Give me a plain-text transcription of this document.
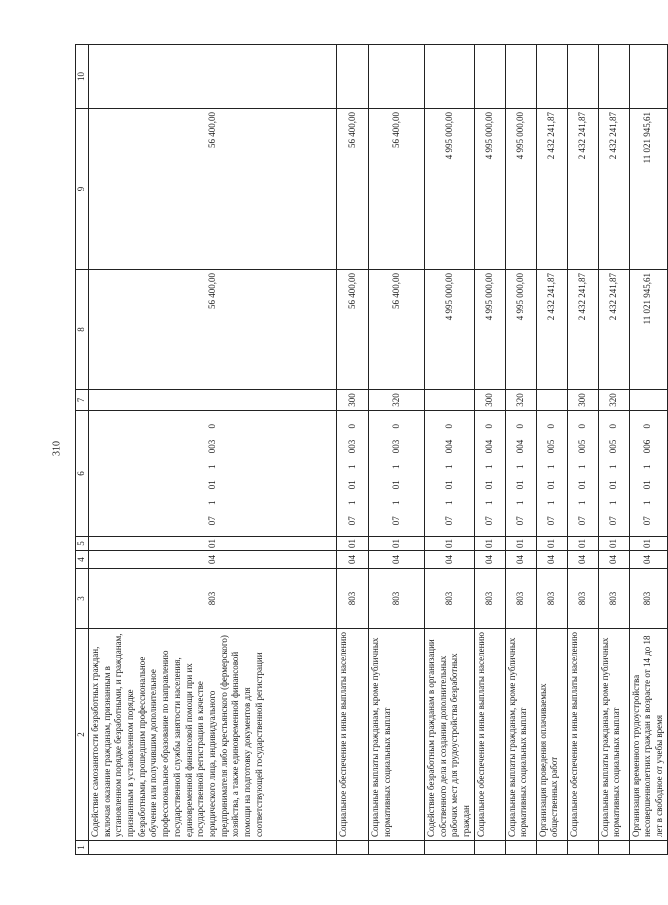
310
1	2	3	4	5	6	7	8	9	10
	Содействие самозанятости безработных граждан, включая оказание гражданам, признанным в установленном порядке безработными, и гражданам, признанным в установленном порядке безработными, прошедшим профессиональное обучение или получившим дополнительное профессиональное образование по направлению государственной службы занятости населения, единовременной финансовой помощи при их государственной регистрации в качестве юридического лица, индивидуального предпринимателя либо крестьянского (фермерского) хозяйства, а также единовременной финансовой помощи на подготовку документов для соответствующей государственной регистрации	803	04	01	07 1 01 1 003 0		56 400,00	56 400,00	
	Социальное обеспечение и иные выплаты населению	803	04	01	07 1 01 1 003 0	300	56 400,00	56 400,00	
	Социальные выплаты гражданам, кроме публичных нормативных социальных выплат	803	04	01	07 1 01 1 003 0	320	56 400,00	56 400,00	
	Содействие безработным гражданам в организации собственного дела и создании дополнительных рабочих мест для трудоустройства безработных граждан	803	04	01	07 1 01 1 004 0		4 995 000,00	4 995 000,00	
	Социальное обеспечение и иные выплаты населению	803	04	01	07 1 01 1 004 0	300	4 995 000,00	4 995 000,00	
	Социальные выплаты гражданам, кроме публичных нормативных социальных выплат	803	04	01	07 1 01 1 004 0	320	4 995 000,00	4 995 000,00	
	Организация проведения оплачиваемых общественных работ	803	04	01	07 1 01 1 005 0		2 432 241,87	2 432 241,87	
	Социальное обеспечение и иные выплаты населению	803	04	01	07 1 01 1 005 0	300	2 432 241,87	2 432 241,87	
	Социальные выплаты гражданам, кроме публичных нормативных социальных выплат	803	04	01	07 1 01 1 005 0	320	2 432 241,87	2 432 241,87	
	Организация временного трудоустройства несовершеннолетних граждан в возрасте от 14 до 18 лет в свободное от учебы время	803	04	01	07 1 01 1 006 0		11 021 945,61	11 021 945,61	
